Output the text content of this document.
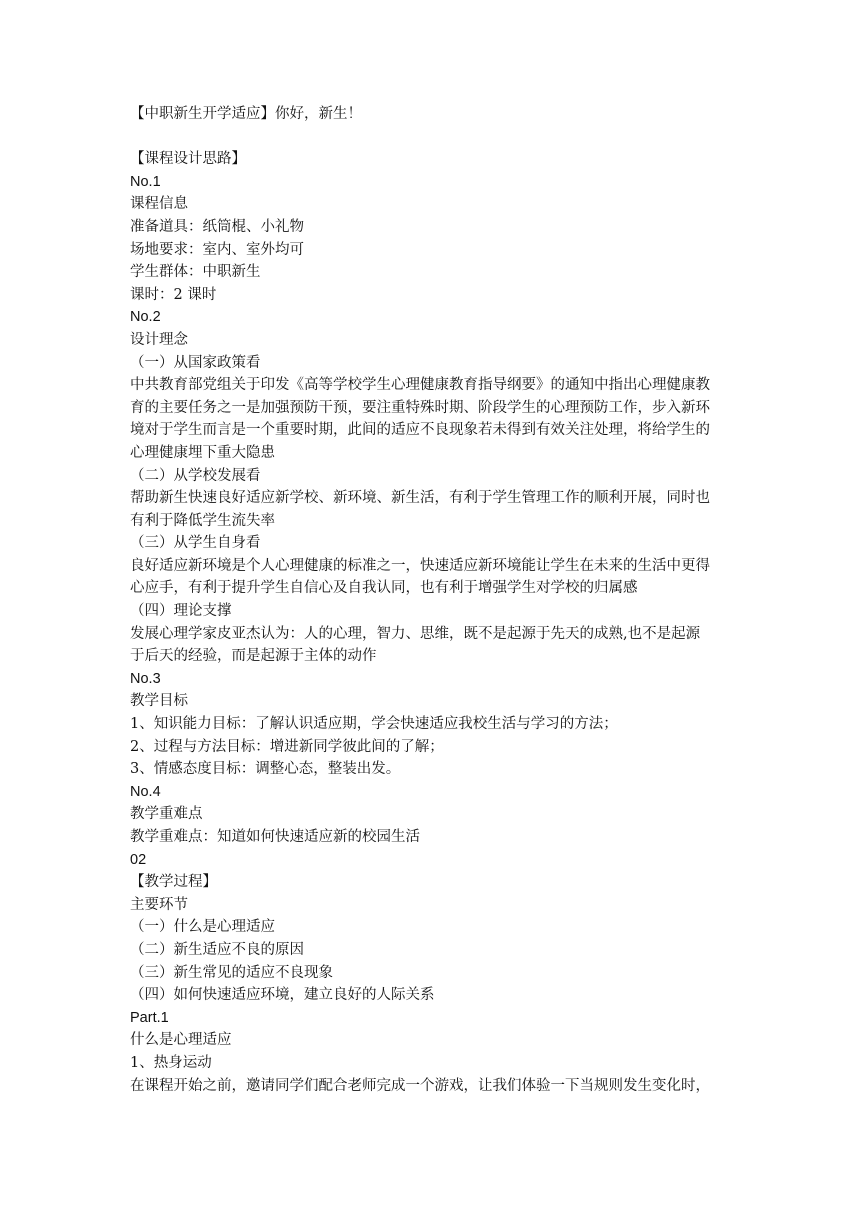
【中职新生开学适应】你好，新生！
【课程设计思路】
No.1
课程信息
准备道具：纸筒棍、小礼物
场地要求：室内、室外均可
学生群体：中职新生
课时：2 课时
No.2
设计理念
（一）从国家政策看
中共教育部党组关于印发《高等学校学生心理健康教育指导纲要》的通知中指出心理健康教
育的主要任务之一是加强预防干预，要注重特殊时期、阶段学生的心理预防工作，步入新环
境对于学生而言是一个重要时期，此间的适应不良现象若未得到有效关注处理，将给学生的
心理健康埋下重大隐患
（二）从学校发展看
帮助新生快速良好适应新学校、新环境、新生活，有利于学生管理工作的顺利开展，同时也
有利于降低学生流失率
（三）从学生自身看
良好适应新环境是个人心理健康的标准之一，快速适应新环境能让学生在未来的生活中更得
心应手，有利于提升学生自信心及自我认同，也有利于增强学生对学校的归属感
（四）理论支撑
发展心理学家皮亚杰认为：人的心理，智力、思维，既不是起源于先天的成熟,也不是起源
于后天的经验，而是起源于主体的动作
No.3
教学目标
1、知识能力目标：了解认识适应期，学会快速适应我校生活与学习的方法；
2、过程与方法目标：增进新同学彼此间的了解；
3、情感态度目标：调整心态，整装出发。
No.4
教学重难点
教学重难点：知道如何快速适应新的校园生活
02
【教学过程】
主要环节
（一）什么是心理适应
（二）新生适应不良的原因
（三）新生常见的适应不良现象
（四）如何快速适应环境，建立良好的人际关系
Part.1
什么是心理适应
1、热身运动
在课程开始之前，邀请同学们配合老师完成一个游戏，让我们体验一下当规则发生变化时，
